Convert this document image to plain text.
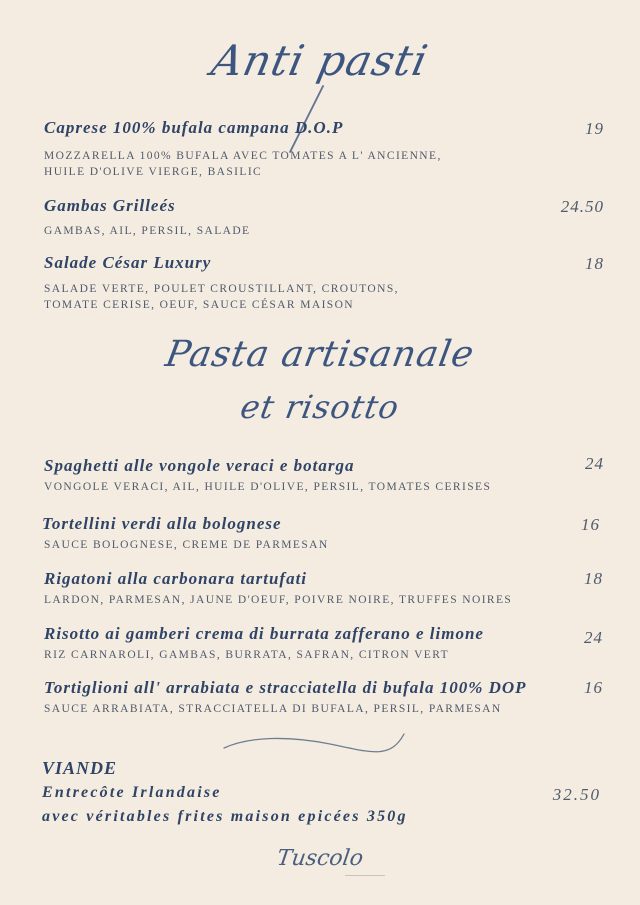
Anti pasti
Caprese 100% bufala campana D.O.P
MOZZARELLA 100% BUFALA AVEC TOMATES A L' ANCIENNE,
HUILE D'OLIVE VIERGE, BASILIC
19
Gambas Grilleés
GAMBAS, AIL, PERSIL, SALADE
24.50
Salade César Luxury
SALADE VERTE, POULET CROUSTILLANT, CROUTONS,
TOMATE CERISE, OEUF, SAUCE CÉSAR MAISON
18
Pasta artisanale
et risotto
Spaghetti alle vongole veraci e botarga
VONGOLE VERACI, AIL, HUILE D'OLIVE, PERSIL, TOMATES CERISES
24
Tortellini verdi alla bolognese
SAUCE BOLOGNESE, CREME DE PARMESAN
16
Rigatoni alla carbonara tartufati
LARDON, PARMESAN, JAUNE D'OEUF, POIVRE NOIRE, TRUFFES NOIRES
18
Risotto ai gamberi crema di burrata zafferano e limone
RIZ CARNAROLI, GAMBAS, BURRATA, SAFRAN, CITRON VERT
24
Tortiglioni all' arrabiata e stracciatella di bufala 100% DOP
SAUCE ARRABIATA, STRACCIATELLA DI BUFALA, PERSIL, PARMESAN
16
VIANDE
Entrecôte Irlandaise
avec véritables frites maison epicées 350g
32.50
Tuscolo
